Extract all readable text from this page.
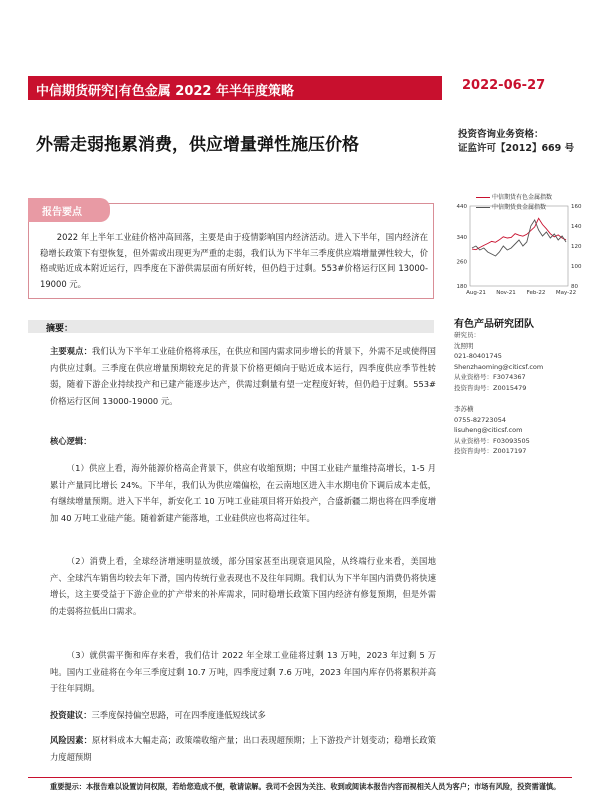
中信期货研究|有色金属 2022 年半年度策略	2022-06-27
外需走弱拖累消费，供应增量弹性施压价格
投资咨询业务资格：
证监许可【2012】669 号
报告要点
2022 年上半年工业硅价格冲高回落，主要是由于疫情影响国内经济活动。进入下半年，国内经济在稳增长政策下有望恢复，但外需或出现更为严重的走弱，我们认为下半年三季度供应端增量弹性较大，价格或贴近成本附近运行，四季度在下游供需层面有所好转，但仍趋于过剩。553#价格运行区间 13000-19000 元。
中信期货有色金属指数
中信期货贵金属指数
180
260
340
440
80
100
120
140
160
Aug-21 Nov-21 Feb-22 May-22
有色产品研究团队
研究员：
沈照明
021-80401745
Shenzhaoming@citicsf.com
从业资格号：F3074367
投资咨询号：Z0015479
李苏横
0755-82723054
lisuheng@citicsf.com
从业资格号：F03093505
投资咨询号：Z0017197
摘要：
主要观点：我们认为下半年工业硅价格将承压，在供应和国内需求同步增长的背景下，外需不足或使得国内供应过剩。三季度在供应增量预期较充足的背景下价格更倾向于贴近成本运行，四季度供应季节性转弱，随着下游企业持续投产和已建产能逐步达产，供需过剩量有望一定程度好转，但仍趋于过剩。553#价格运行区间 13000-19000 元。
核心逻辑：
（1）供应上看，海外能源价格高企背景下，供应有收缩预期；中国工业硅产量维持高增长，1-5 月累计产量同比增长 24%。下半年，我们认为供应端偏松，在云南地区进入丰水期电价下调后成本走低，有继续增量预期。进入下半年，新安化工 10 万吨工业硅项目将开始投产，合盛新疆二期也将在四季度增加 40 万吨工业硅产能。随着新建产能落地，工业硅供应也将高过往年。
（2）消费上看，全球经济增速明显放缓，部分国家甚至出现衰退风险，从终端行业来看，美国地产、全球汽车销售均较去年下滑，国内传统行业表现也不及往年同期。我们认为下半年国内消费仍将快速增长，这主要受益于下游企业的扩产带来的补库需求，同时稳增长政策下国内经济有修复预期，但是外需的走弱将拉低出口需求。
（3）就供需平衡和库存来看，我们估计 2022 年全球工业硅将过剩 13 万吨，2023 年过剩 5 万吨。国内工业硅将在今年三季度过剩 10.7 万吨，四季度过剩 7.6 万吨，2023 年国内库存仍将累积并高于往年同期。
投资建议：三季度保持偏空思路，可在四季度逢低短线试多
风险因素：原材料成本大幅走高；政策端收缩产量；出口表现超预期；上下游投产计划变动；稳增长政策力度超预期
重要提示：本报告难以设置访问权限，若给您造成不便，敬请谅解。我司不会因为关注、收到或阅读本报告内容而视相关人员为客户；市场有风险，投资需谨慎。
